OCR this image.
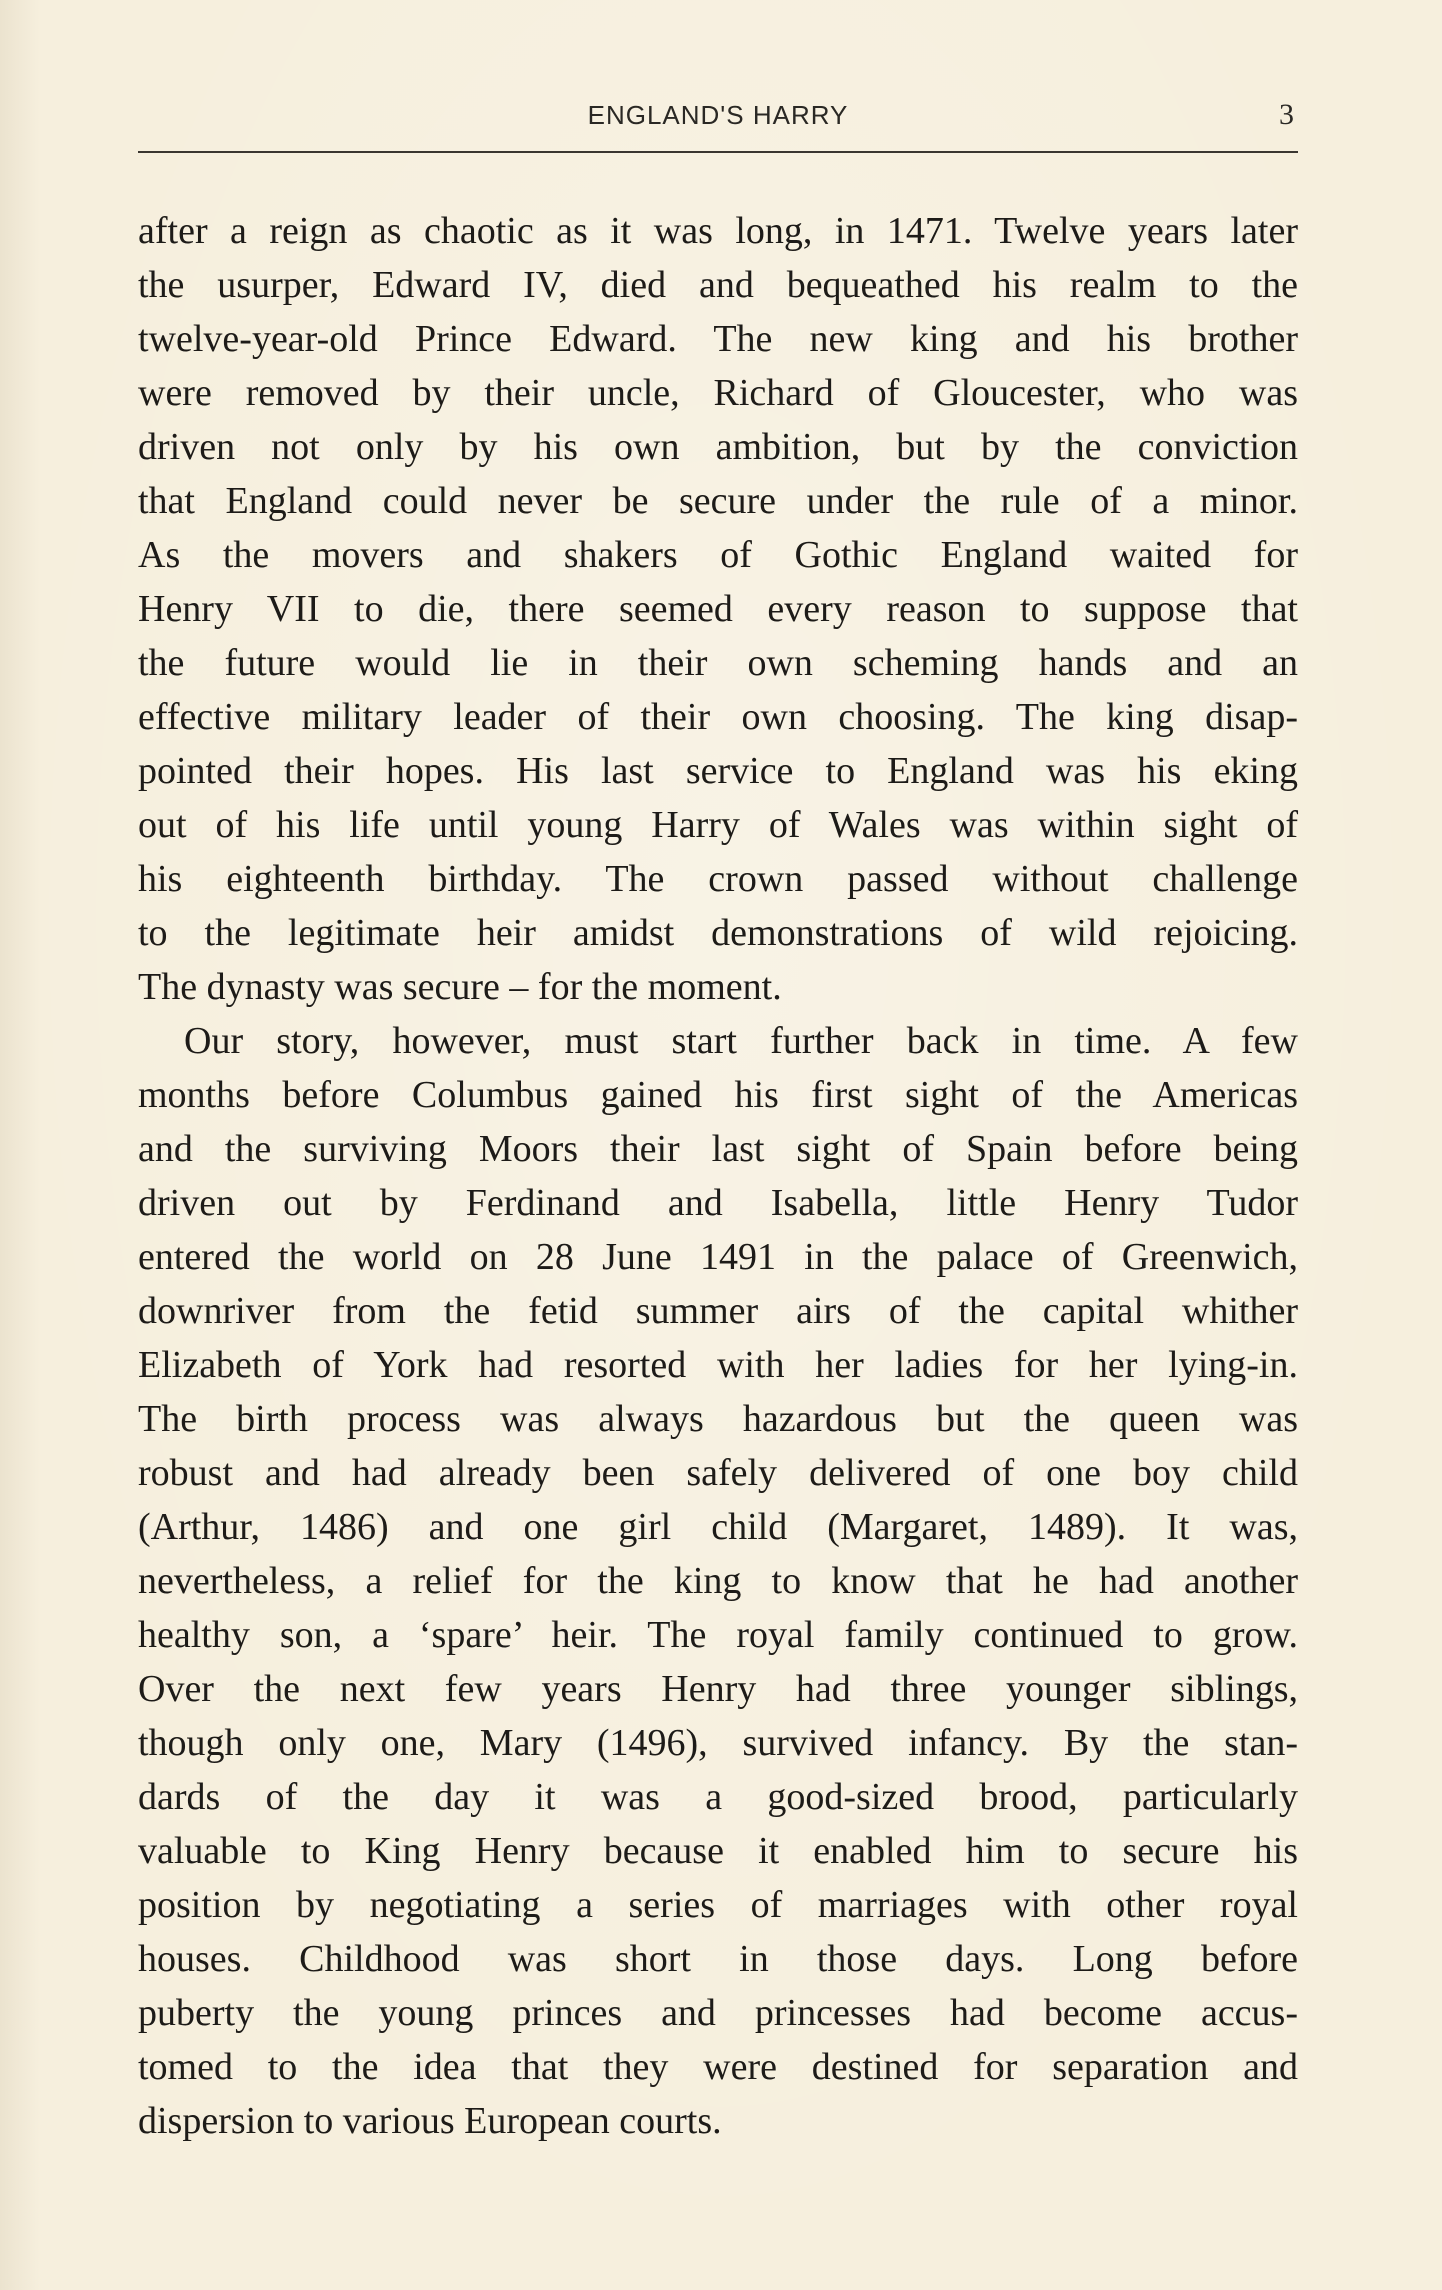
ENGLAND'S HARRY	3
after a reign as chaotic as it was long, in 1471. Twelve years later
the usurper, Edward IV, died and bequeathed his realm to the
twelve-year-old Prince Edward. The new king and his brother
were removed by their uncle, Richard of Gloucester, who was
driven not only by his own ambition, but by the conviction
that England could never be secure under the rule of a minor.
As the movers and shakers of Gothic England waited for
Henry VII to die, there seemed every reason to suppose that
the future would lie in their own scheming hands and an
effective military leader of their own choosing. The king disap-
pointed their hopes. His last service to England was his eking
out of his life until young Harry of Wales was within sight of
his eighteenth birthday. The crown passed without challenge
to the legitimate heir amidst demonstrations of wild rejoicing.
The dynasty was secure – for the moment.
Our story, however, must start further back in time. A few
months before Columbus gained his first sight of the Americas
and the surviving Moors their last sight of Spain before being
driven out by Ferdinand and Isabella, little Henry Tudor
entered the world on 28 June 1491 in the palace of Greenwich,
downriver from the fetid summer airs of the capital whither
Elizabeth of York had resorted with her ladies for her lying-in.
The birth process was always hazardous but the queen was
robust and had already been safely delivered of one boy child
(Arthur, 1486) and one girl child (Margaret, 1489). It was,
nevertheless, a relief for the king to know that he had another
healthy son, a ‘spare’ heir. The royal family continued to grow.
Over the next few years Henry had three younger siblings,
though only one, Mary (1496), survived infancy. By the stan-
dards of the day it was a good-sized brood, particularly
valuable to King Henry because it enabled him to secure his
position by negotiating a series of marriages with other royal
houses. Childhood was short in those days. Long before
puberty the young princes and princesses had become accus-
tomed to the idea that they were destined for separation and
dispersion to various European courts.
